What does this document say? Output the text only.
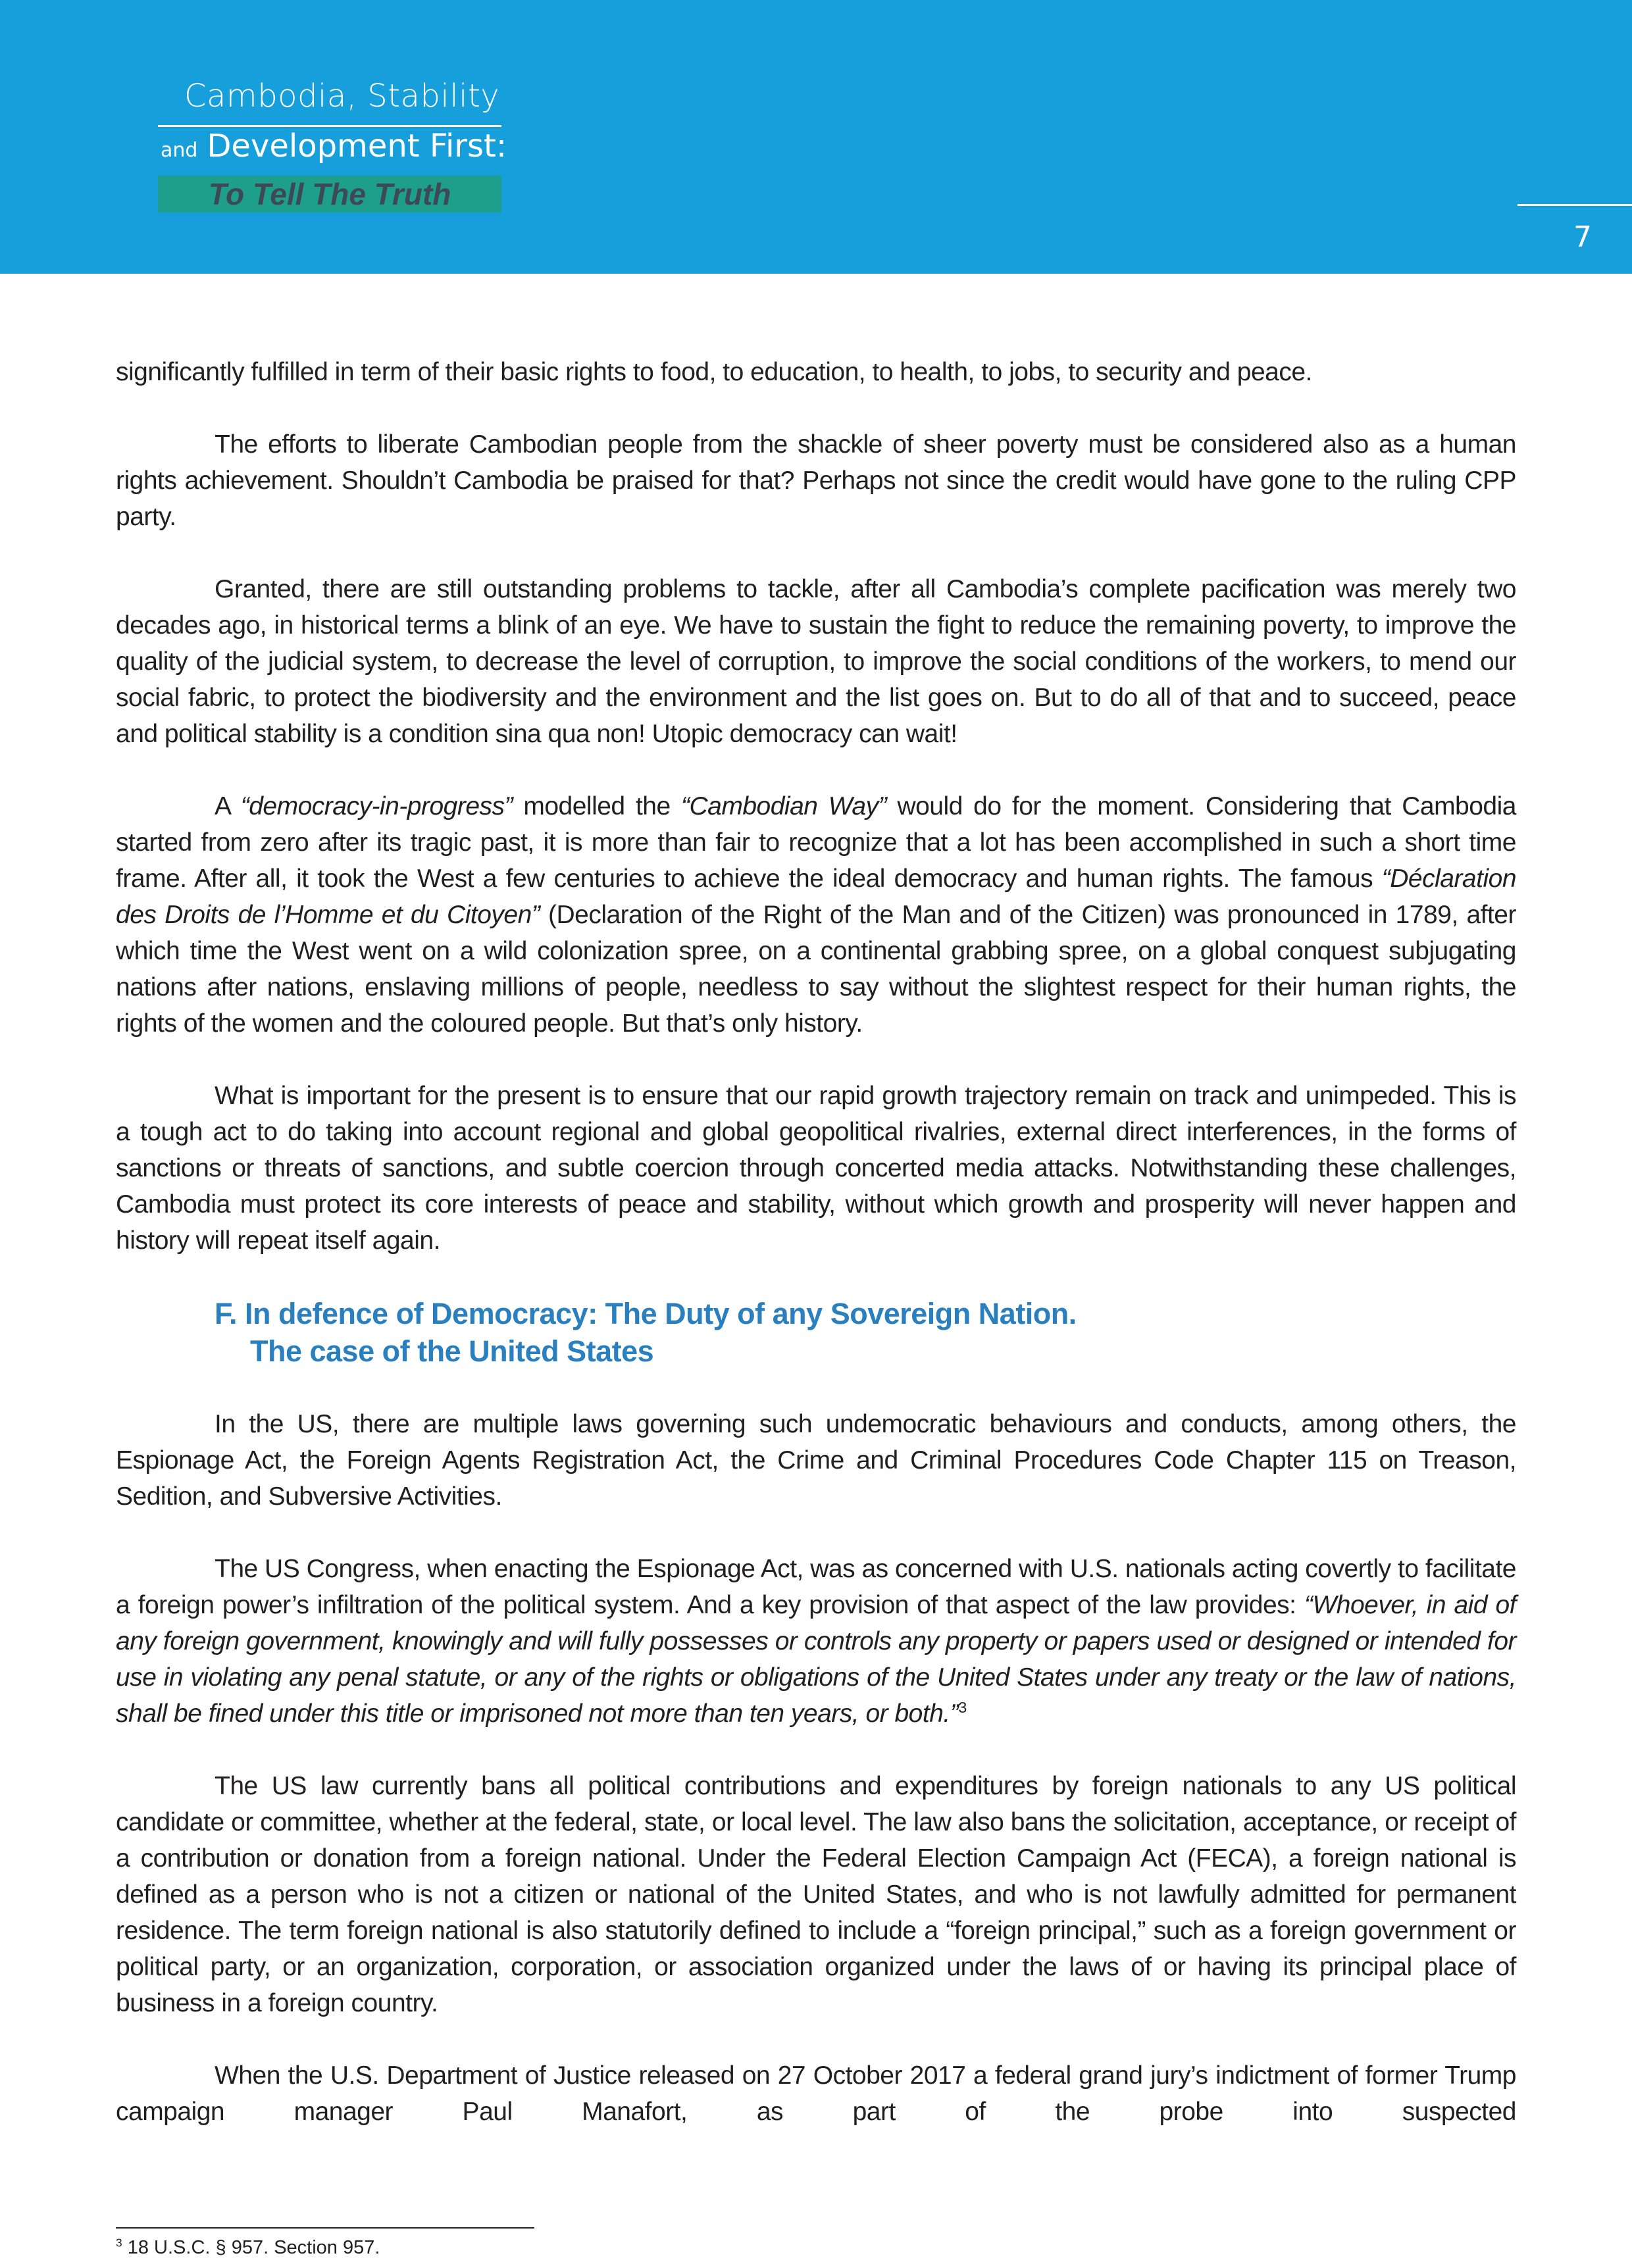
Cambodia, Stability
and Development First:
To Tell The Truth
7

significantly fulfilled in term of their basic rights to food, to education, to health, to jobs, to security and peace.

The efforts to liberate Cambodian people from the shackle of sheer poverty must be considered also as a human rights achievement. Shouldn’t Cambodia be praised for that? Perhaps not since the credit would have gone to the ruling CPP party.

Granted, there are still outstanding problems to tackle, after all Cambodia’s complete pacification was merely two decades ago, in historical terms a blink of an eye. We have to sustain the fight to reduce the remaining poverty, to improve the quality of the judicial system, to decrease the level of corruption, to improve the social conditions of the workers, to mend our social fabric, to protect the biodiversity and the environment and the list goes on. But to do all of that and to succeed, peace and political stability is a condition sina qua non! Utopic democracy can wait!

A “democracy-in-progress” modelled the “Cambodian Way” would do for the moment. Considering that Cambodia started from zero after its tragic past, it is more than fair to recognize that a lot has been accomplished in such a short time frame. After all, it took the West a few centuries to achieve the ideal democracy and human rights. The famous “Déclaration des Droits de l’Homme et du Citoyen” (Declaration of the Right of the Man and of the Citizen) was pronounced in 1789, after which time the West went on a wild colonization spree, on a continental grabbing spree, on a global conquest subjugating nations after nations, enslaving millions of people, needless to say without the slightest respect for their human rights, the rights of the women and the coloured people. But that’s only history.

What is important for the present is to ensure that our rapid growth trajectory remain on track and unimpeded. This is a tough act to do taking into account regional and global geopolitical rivalries, external direct interferences, in the forms of sanctions or threats of sanctions, and subtle coercion through concerted media attacks. Notwithstanding these challenges, Cambodia must protect its core interests of peace and stability, without which growth and prosperity will never happen and history will repeat itself again.

F. In defence of Democracy: The Duty of any Sovereign Nation.
The case of the United States

In the US, there are multiple laws governing such undemocratic behaviours and conducts, among others, the Espionage Act, the Foreign Agents Registration Act, the Crime and Criminal Procedures Code Chapter 115 on Treason, Sedition, and Subversive Activities.

The US Congress, when enacting the Espionage Act, was as concerned with U.S. nationals acting covertly to facilitate a foreign power’s infiltration of the political system. And a key provision of that aspect of the law provides: “Whoever, in aid of any foreign government, knowingly and will fully possesses or controls any property or papers used or designed or intended for use in violating any penal statute, or any of the rights or obligations of the United States under any treaty or the law of nations, shall be fined under this title or imprisoned not more than ten years, or both.”$^3$

The US law currently bans all political contributions and expenditures by foreign nationals to any US political candidate or committee, whether at the federal, state, or local level. The law also bans the solicitation, acceptance, or receipt of a contribution or donation from a foreign national. Under the Federal Election Campaign Act (FECA), a foreign national is defined as a person who is not a citizen or national of the United States, and who is not lawfully admitted for permanent residence. The term foreign national is also statutorily defined to include a “foreign principal,” such as a foreign government or political party, or an organization, corporation, or association organized under the laws of or having its principal place of business in a foreign country.

When the U.S. Department of Justice released on 27 October 2017 a federal grand jury’s indictment of former Trump campaign manager Paul Manafort, as part of the probe into suspected

$^3$ 18 U.S.C. § 957. Section 957.
